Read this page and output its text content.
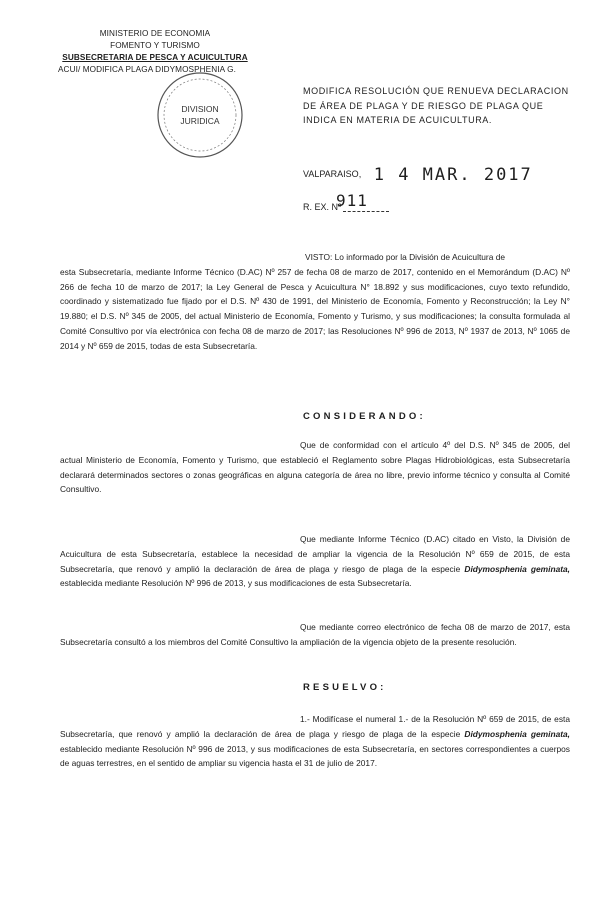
MINISTERIO DE ECONOMIA
FOMENTO Y TURISMO
SUBSECRETARIA DE PESCA Y ACUICULTURA
ACUI/ MODIFICA PLAGA DIDYMOSPHENIA G.
DIVISION
JURIDICA
MODIFICA RESOLUCIÓN QUE RENUEVA DECLARACION DE ÁREA DE PLAGA Y DE RIESGO DE PLAGA QUE INDICA EN MATERIA DE ACUICULTURA.
VALPARAISO, 1 4 MAR. 2017
R. EX. Nº
911
VISTO: Lo informado por la División de Acuicultura de
esta Subsecretaría, mediante Informe Técnico (D.AC) Nº 257 de fecha 08 de marzo de 2017, contenido en el Memorándum (D.AC) Nº 266 de fecha 10 de marzo de 2017; la Ley General de Pesca y Acuicultura N° 18.892 y sus modificaciones, cuyo texto refundido, coordinado y sistematizado fue fijado por el D.S. Nº 430 de 1991, del Ministerio de Economía, Fomento y Reconstrucción; la Ley N° 19.880; el D.S. Nº 345 de 2005, del actual Ministerio de Economía, Fomento y Turismo, y sus modificaciones; la consulta formulada al Comité Consultivo por vía electrónica con fecha 08 de marzo de 2017; las Resoluciones Nº 996 de 2013, Nº 1937 de 2013, Nº 1065 de 2014 y Nº 659 de 2015, todas de esta Subsecretaría.
CONSIDERANDO:
Que de conformidad con el artículo 4º del D.S. Nº 345 de 2005, del actual Ministerio de Economía, Fomento y Turismo, que estableció el Reglamento sobre Plagas Hidrobiológicas, esta Subsecretaría declarará determinados sectores o zonas geográficas en alguna categoría de área no libre, previo informe técnico y consulta al Comité Consultivo.
Que mediante Informe Técnico (D.AC) citado en Visto, la División de Acuicultura de esta Subsecretaría, establece la necesidad de ampliar la vigencia de la Resolución Nº 659 de 2015, de esta Subsecretaría, que renovó y amplió la declaración de área de plaga y riesgo de plaga de la especie Didymosphenia geminata, establecida mediante Resolución Nº 996 de 2013, y sus modificaciones de esta Subsecretaría.
Que mediante correo electrónico de fecha 08 de marzo de 2017, esta Subsecretaría consultó a los miembros del Comité Consultivo la ampliación de la vigencia objeto de la presente resolución.
RESUELVO:
1.- Modifícase el numeral 1.- de la Resolución Nº 659 de 2015, de esta Subsecretaría, que renovó y amplió la declaración de área de plaga y riesgo de plaga de la especie Didymosphenia geminata, establecido mediante Resolución Nº 996 de 2013, y sus modificaciones de esta Subsecretaría, en sectores correspondientes a cuerpos de aguas terrestres, en el sentido de ampliar su vigencia hasta el 31 de julio de 2017.
